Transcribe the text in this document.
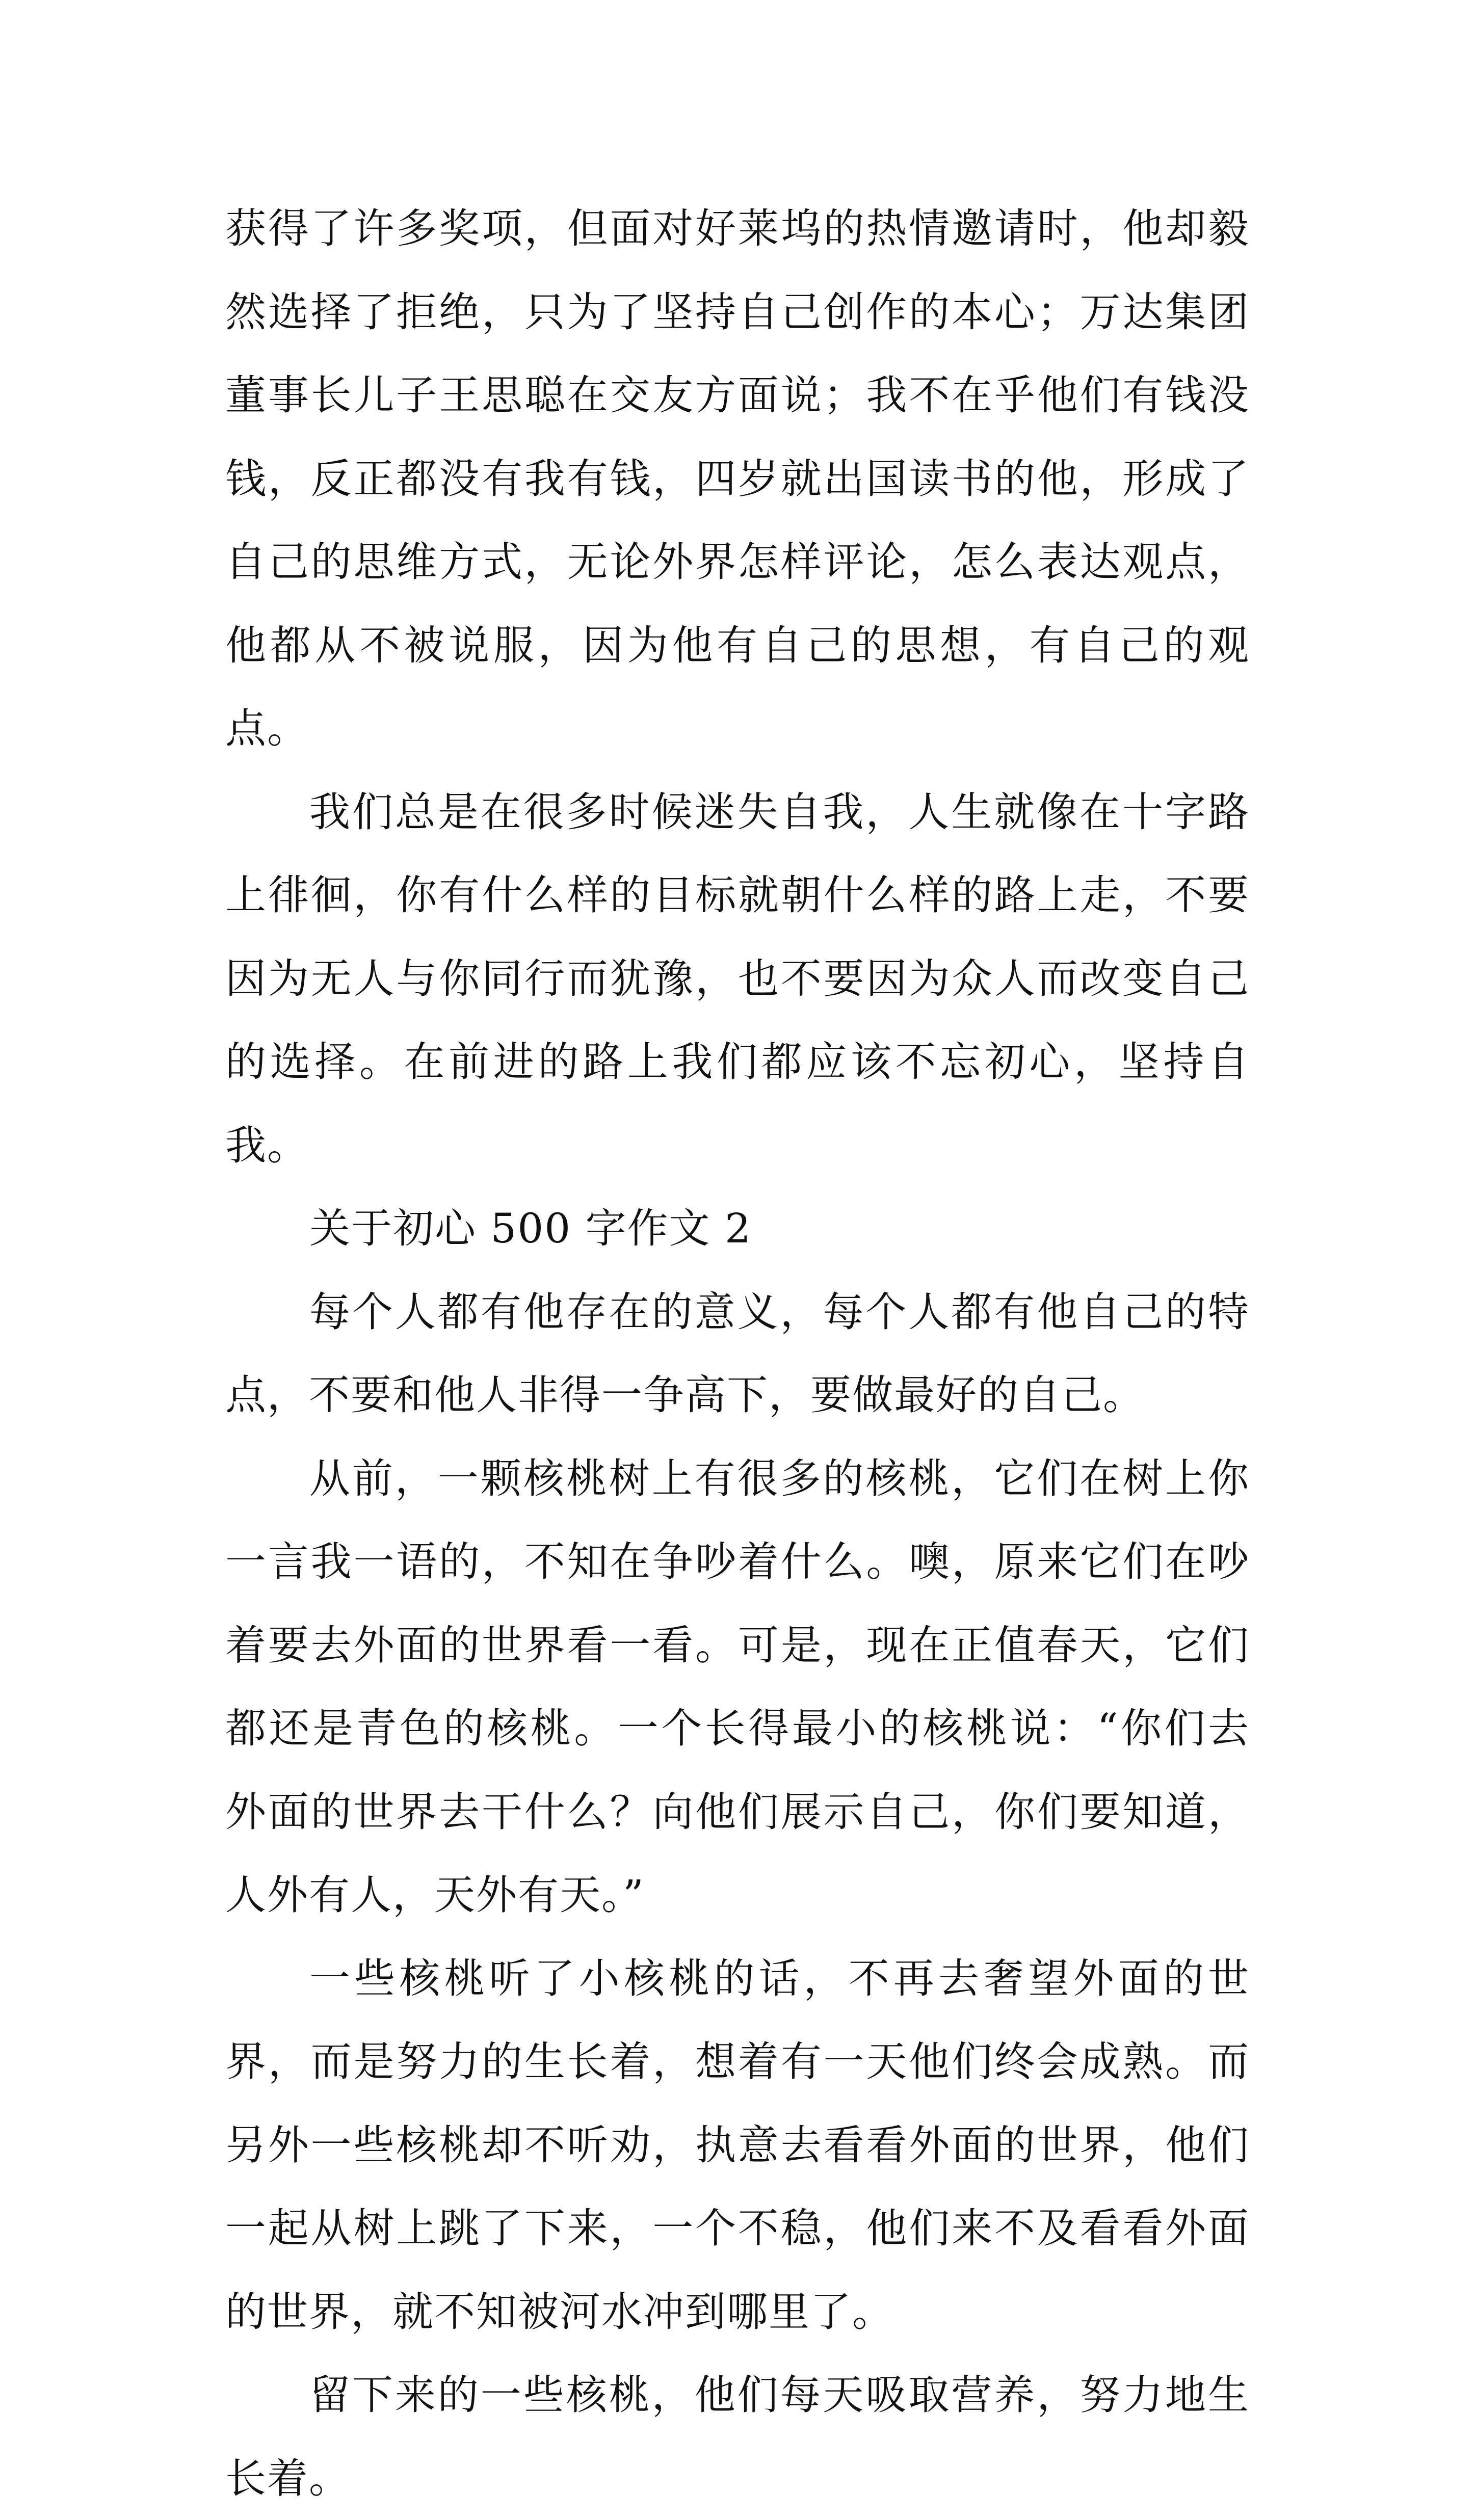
获得了许多奖项，但面对好莱坞的热情邀请时，他却毅然选择了拒绝，只为了坚持自己创作的本心；万达集团董事长儿子王思聪在交友方面说；我不在乎他们有钱没钱，反正都没有我有钱，四岁就出国读书的他，形成了自己的思维方式，无论外界怎样评论，怎么表达观点，他都从不被说服，因为他有自己的思想，有自己的观点。

我们总是在很多时候迷失自我，人生就像在十字路上徘徊，你有什么样的目标就朝什么样的路上走，不要因为无人与你同行而犹豫，也不要因为众人而改变自己的选择。在前进的路上我们都应该不忘初心，坚持自我。

关于初心 500 字作文 2

每个人都有他存在的意义，每个人都有他自己的特点，不要和他人非得一争高下，要做最好的自己。

从前，一颗核桃树上有很多的核桃，它们在树上你一言我一语的，不知在争吵着什么。噢，原来它们在吵着要去外面的世界看一看。可是，现在正值春天，它们都还是青色的核桃。一个长得最小的核桃说：“你们去外面的世界去干什么？向他们展示自己，你们要知道，人外有人，天外有天。”

一些核桃听了小核桃的话，不再去奢望外面的世界，而是努力的生长着，想着有一天他们终会成熟。而另外一些核桃却不听劝，执意去看看外面的世界，他们一起从树上跳了下来，一个不稳，他们来不及看看外面的世界，就不知被河水冲到哪里了。

留下来的一些核桃，他们每天吸取营养，努力地生长着。
